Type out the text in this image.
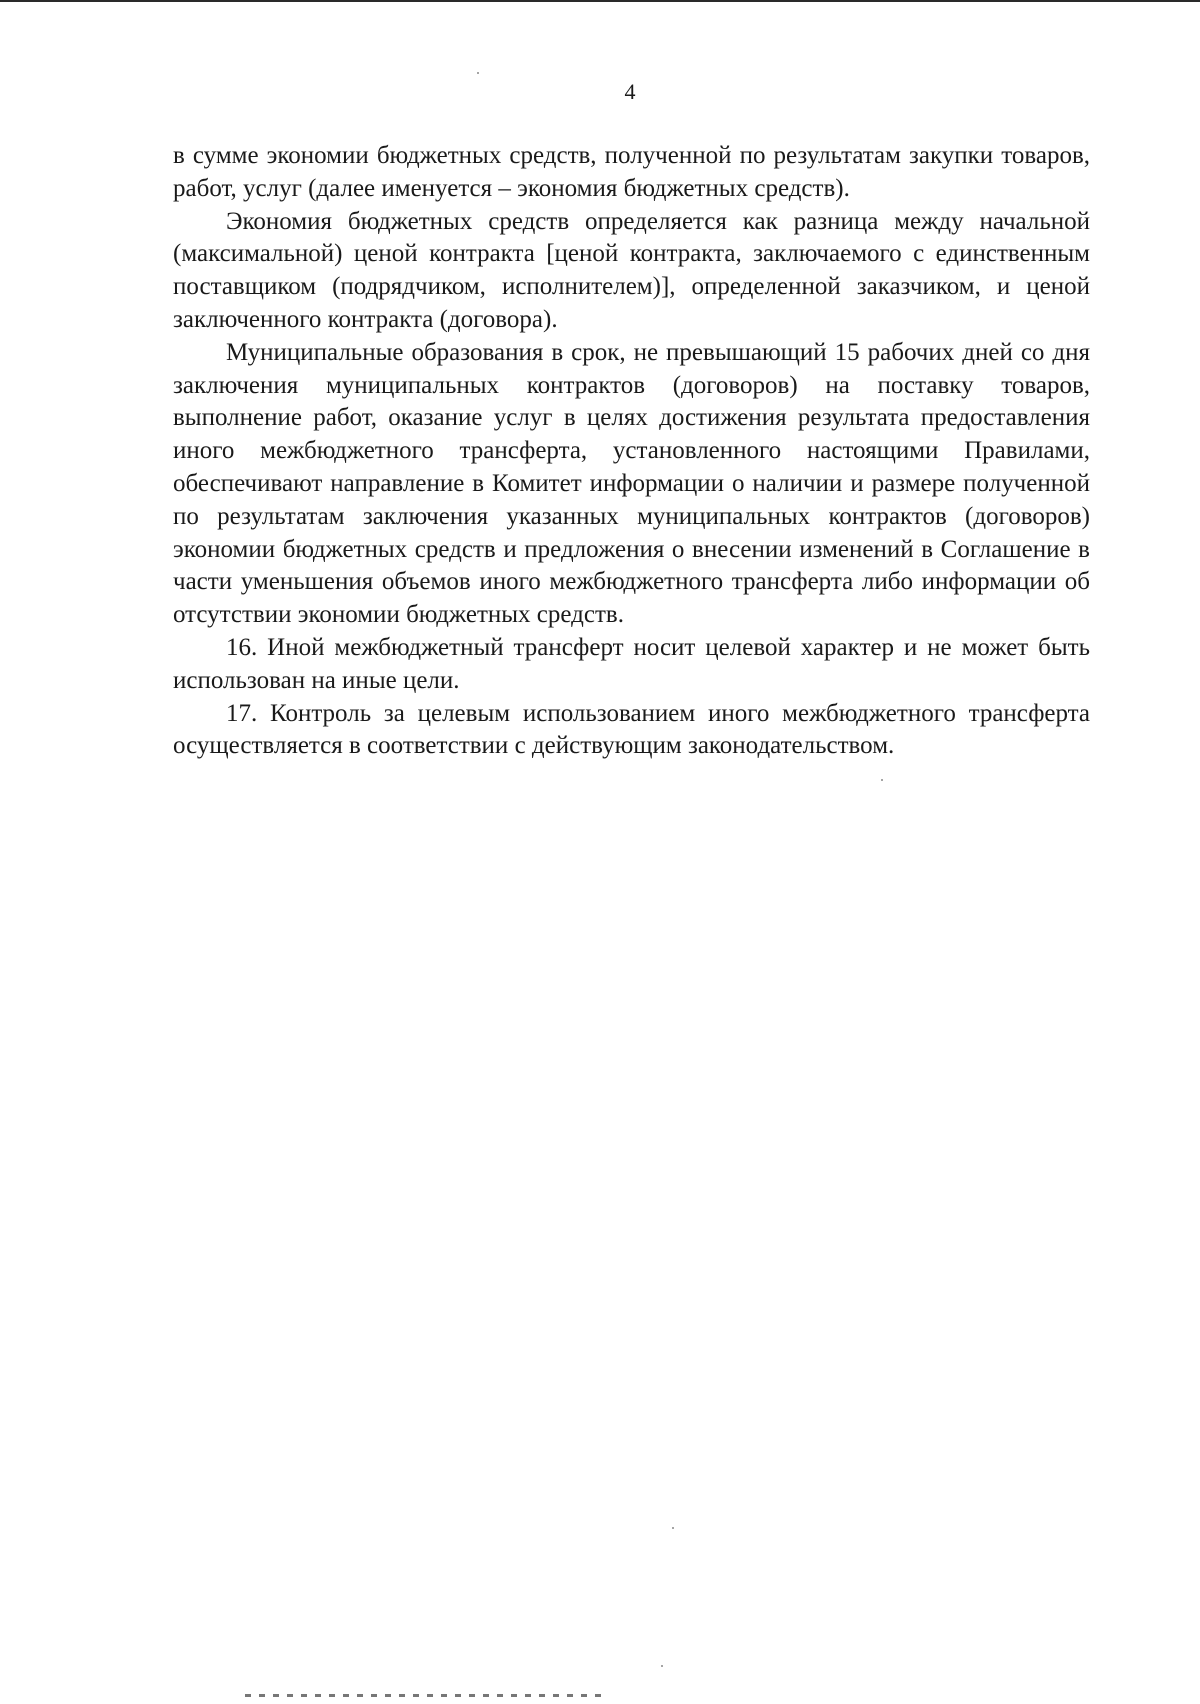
4

в сумме экономии бюджетных средств, полученной по результатам закупки товаров, работ, услуг (далее именуется – экономия бюджетных средств).

Экономия бюджетных средств определяется как разница между начальной (максимальной) ценой контракта [ценой контракта, заключаемого с единственным поставщиком (подрядчиком, исполнителем)], определенной заказчиком, и ценой заключенного контракта (договора).

Муниципальные образования в срок, не превышающий 15 рабочих дней со дня заключения муниципальных контрактов (договоров) на поставку товаров, выполнение работ, оказание услуг в целях достижения результата предоставления иного межбюджетного трансферта, установленного настоящими Правилами, обеспечивают направление в Комитет информации о наличии и размере полученной по результатам заключения указанных муниципальных контрактов (договоров) экономии бюджетных средств и предложения о внесении изменений в Соглашение в части уменьшения объемов иного межбюджетного трансферта либо информации об отсутствии экономии бюджетных средств.

16. Иной межбюджетный трансферт носит целевой характер и не может быть использован на иные цели.

17. Контроль за целевым использованием иного межбюджетного трансферта осуществляется в соответствии с действующим законодательством.
